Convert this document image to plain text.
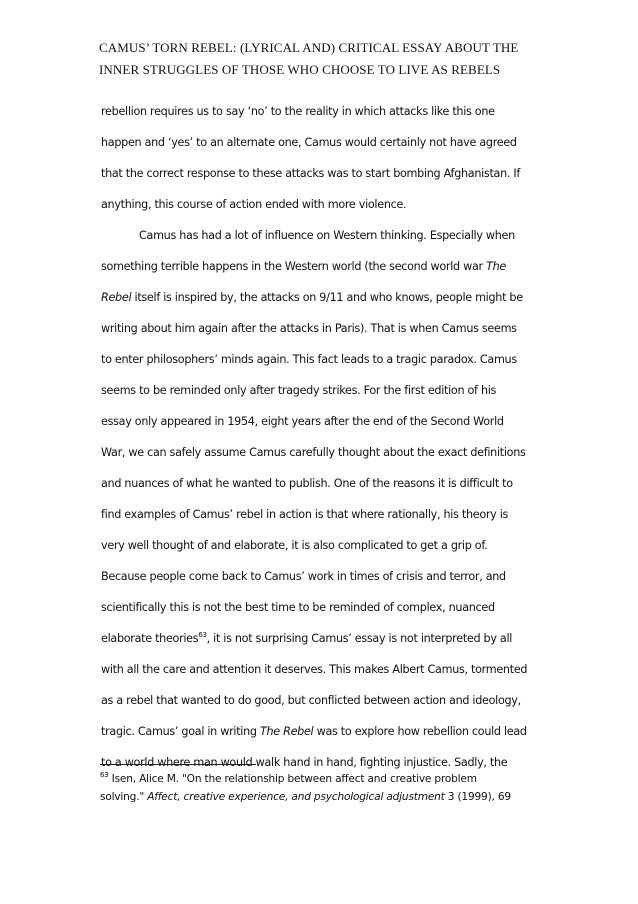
CAMUS’ TORN REBEL: (LYRICAL AND) CRITICAL ESSAY ABOUT THE
INNER STRUGGLES OF THOSE WHO CHOOSE TO LIVE AS REBELS
rebellion requires us to say ‘no’ to the reality in which attacks like this one
happen and ‘yes’ to an alternate one, Camus would certainly not have agreed
that the correct response to these attacks was to start bombing Afghanistan. If
anything, this course of action ended with more violence.
Camus has had a lot of influence on Western thinking. Especially when
something terrible happens in the Western world (the second world war The
Rebel itself is inspired by, the attacks on 9/11 and who knows, people might be
writing about him again after the attacks in Paris). That is when Camus seems
to enter philosophers’ minds again. This fact leads to a tragic paradox. Camus
seems to be reminded only after tragedy strikes. For the first edition of his
essay only appeared in 1954, eight years after the end of the Second World
War, we can safely assume Camus carefully thought about the exact definitions
and nuances of what he wanted to publish. One of the reasons it is difficult to
find examples of Camus’ rebel in action is that where rationally, his theory is
very well thought of and elaborate, it is also complicated to get a grip of.
Because people come back to Camus’ work in times of crisis and terror, and
scientifically this is not the best time to be reminded of complex, nuanced
elaborate theories$^{63}$, it is not surprising Camus’ essay is not interpreted by all
with all the care and attention it deserves. This makes Albert Camus, tormented
as a rebel that wanted to do good, but conflicted between action and ideology,
tragic. Camus’ goal in writing The Rebel was to explore how rebellion could lead
to a world where man would walk hand in hand, fighting injustice. Sadly, the
$^{63}$ Isen, Alice M. "On the relationship between affect and creative problem
solving." Affect, creative experience, and psychological adjustment 3 (1999), 69
